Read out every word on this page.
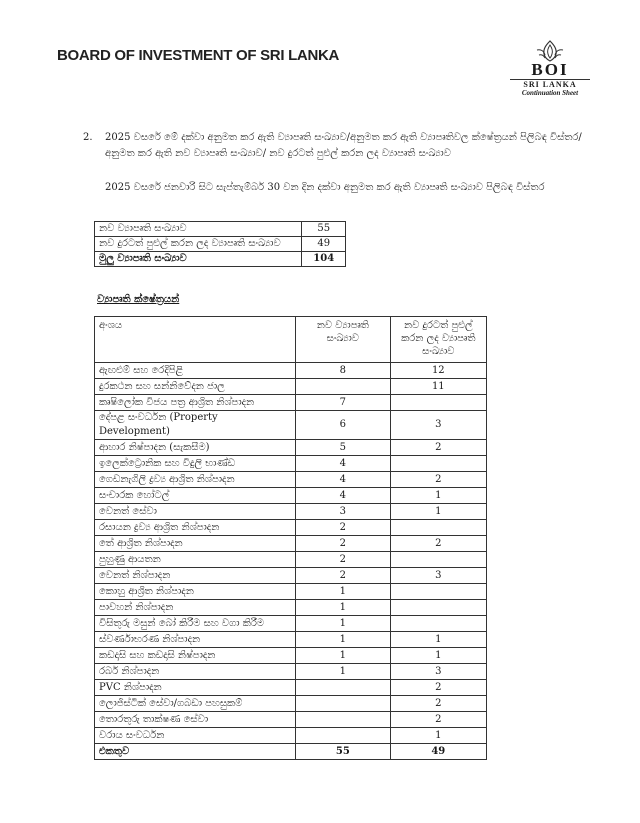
BOARD OF INVESTMENT OF SRI LANKA
BOI
SRI LANKA
Continuation Sheet
2. 2025 වසරේ මේ දක්වා අනුමත කර ඇති ව්‍යාපෘති සංඛ්‍යාව/අනුමත කර ඇති ව්‍යාපෘතිවල ක්ෂේත්‍රයන් පිලිබඳ විස්තර/අනුමත කර ඇති නව ව්‍යාපෘති සංඛ්‍යාව/ නව දුරටත් පුළුල් කරන ලද ව්‍යාපෘති සංඛ්‍යාව
2025 වසරේ ජනවාරි සිට සැප්තැම්බර් 30 වන දින දක්වා අනුමත කර ඇති ව්‍යාපෘති සංඛ්‍යාව පිලිබඳ විස්තර
නව ව්‍යාපෘති සංඛ්‍යාව	55
නව දුරටත් පුළුල් කරන ලද ව්‍යාපෘති සංඛ්‍යාව	49
මුලු ව්‍යාපෘති සංඛ්‍යාව	104
ව්‍යාපෘති ක්ෂේත්‍රයන්
අංශය	නව ව්‍යාපෘති සංඛ්‍යාව	නව දුරටත් පුළුල් කරන ලද ව්‍යාපෘති සංඛ්‍යාව
ඇඟළුම් සහ රෙදිපිළි	8	12
දුරකථන සහ සන්නිවේදන ජාල		11
කෘෂිලෝක විජය පත්‍ර ආශ්‍රිත නිශ්පාදන	7	
දේපළ සංවර්ධන (Property Development)	6	3
ආහාර නිෂ්පාදන (සැකසීම)	5	2
ඉලෙක්ට්‍රොනික සහ විදුලි භාණ්ඩ	4	
ගෙඩනැගිලි ද්‍රව්‍ය ආශ්‍රිත නිශ්පාදන	4	2
සංචාරක හෝටල්	4	1
වෙනත් සේවා	3	1
රසායන ද්‍රව්‍ය ආශ්‍රිත නිශ්පාදන	2	
තේ ආශ්‍රිත නිශ්පාදන	2	2
පුහුණු ආයතන	2	
වෙනත් නිශ්පාදන	2	3
කොහු ආශ්‍රිත නිශ්පාදන	1	
පාවහන් නිශ්පාදන	1	
විසිතුරු මසුන් බෝ කිරීම සහ වගා කිරීම	1	
ස්වර්ණාභරණ නිශ්පාදන	1	1
කඩදාසි සහ කඩදාසි නිෂ්පාදන	1	1
රබර් නිශ්පාදන	1	3
PVC නිශ්පාදන		2
ලොජිස්ටික් සේවා/ගබඩා පහසුකම්		2
තොරතුරු තාක්ෂණ සේවා		2
වරාය සංවර්ධන		1
එකතුව	55	49
